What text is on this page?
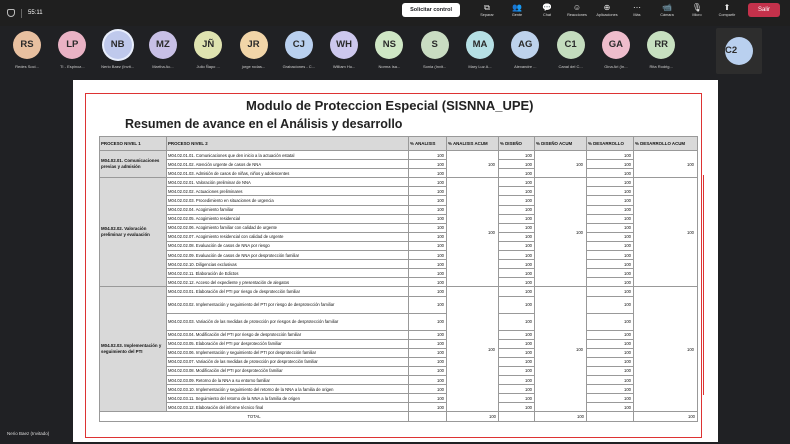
55:11	Solicitar control	⧉
Separar
👥
Gente
💬
Chat
☺
Reacciones
⊕
Aplicaciones
⋯
Más
📹
Cámara
🎙
Micro
⬆
Compartir
Salir
C2
RS
Redes Soci...
LP
TI - Espinoz...
NB
Nerio Baez (Invit...
MZ
Martha Ac...
JÑ
Julio Ñapo ...
JR
jorge rodas...
CJ
Grabaciones - C...
WH
William Hu...
NS
Norma Isa...
S
Sonia (Invit...
MA
Mary Luz A...
AG
Alexandre ...
C1
Canal del C...
GA
Gina Ari (In...
RR
Rita Rodrig...
Modulo de Proteccion Especial (SISNNA_UPE)
Resumen de avance en el Análisis y desarrollo
PROCESO NIVEL 1	PROCESO NIVEL 2	% ANALISIS	% ANALISIS ACUM	% DISEÑO	% DISEÑO ACUM	% DESARROLLO	% DESARROLLO ACUM
M04.02.01. Comunicaciones previas y admisión	M04.02.01.01. Comunicaciones que den inicio a la actuación estatal	100	100	100	100	100	100
	M04.02.01.02. Atención urgente de casos de NNA	100		100		100	
	M04.02.01.03. Admisión de casos de niñas, niños y adolescentes	100		100		100	
M04.02.02. Valoración preliminar y evaluación	M04.02.02.01. Valoración preliminar de NNA	100	100	100	100	100	100
	M04.02.02.02. Actuaciones preliminares	100		100		100	
	M04.02.02.03. Procedimiento en situaciones de urgencia	100		100		100	
	M04.02.02.04. Acogimiento familiar	100		100		100	
	M04.02.02.05. Acogimiento residencial	100		100		100	
	M04.02.02.06. Acogimiento familiar con calidad de urgente	100		100		100	
	M04.02.02.07. Acogimiento residencial con calidad de urgente	100		100		100	
	M04.02.02.08. Evaluación de casos de NNA por riesgo	100		100		100	
	M04.02.02.09. Evaluación de casos de NNA por desprotección familiar	100		100		100	
	M04.02.02.10. Diligencias exclusivas	100		100		100	
	M04.02.02.11. Elaboración de Edictos	100		100		100	
	M04.02.02.12. Acceso del expediente y presentación de alegatos	100		100		100	
M04.02.03. Implementación y seguimiento del PTI	M04.02.03.01. Elaboración del PTI por riesgo de desprotección familiar	100	100	100	100	100	100
	M04.02.03.02. Implementación y seguimiento del PTI por riesgo de desprotección familiar	100		100		100	
	M04.02.03.03. Variación de las medidas de protección por riesgos de desprotección familiar	100		100		100	
	M04.02.03.04. Modificación del PTI por riesgo de desprotección familiar	100		100		100	
	M04.02.03.05. Elaboración del PTI por desprotección familiar	100		100		100	
	M04.02.03.06. Implementación y seguimiento del PTI por desprotección familiar	100		100		100	
	M04.02.03.07. Variación de las medidas de protección por desprotección familiar	100		100		100	
	M04.02.03.08. Modificación del PTI por desprotección familiar	100		100		100	
	M04.02.03.09. Retorno de la NNA a su entorno familiar	100		100		100	
	M04.02.03.10. Implementación y seguimiento del retorno de la NNA a la familia de origen	100		100		100	
	M04.02.03.11. Seguimiento del retorno de la NNA a la familia de origen	100		100		100	
	M04.02.03.12. Elaboración del informe técnico final	100		100		100	
TOTAL			100		100		100
Nerio Baez (Invitado)
